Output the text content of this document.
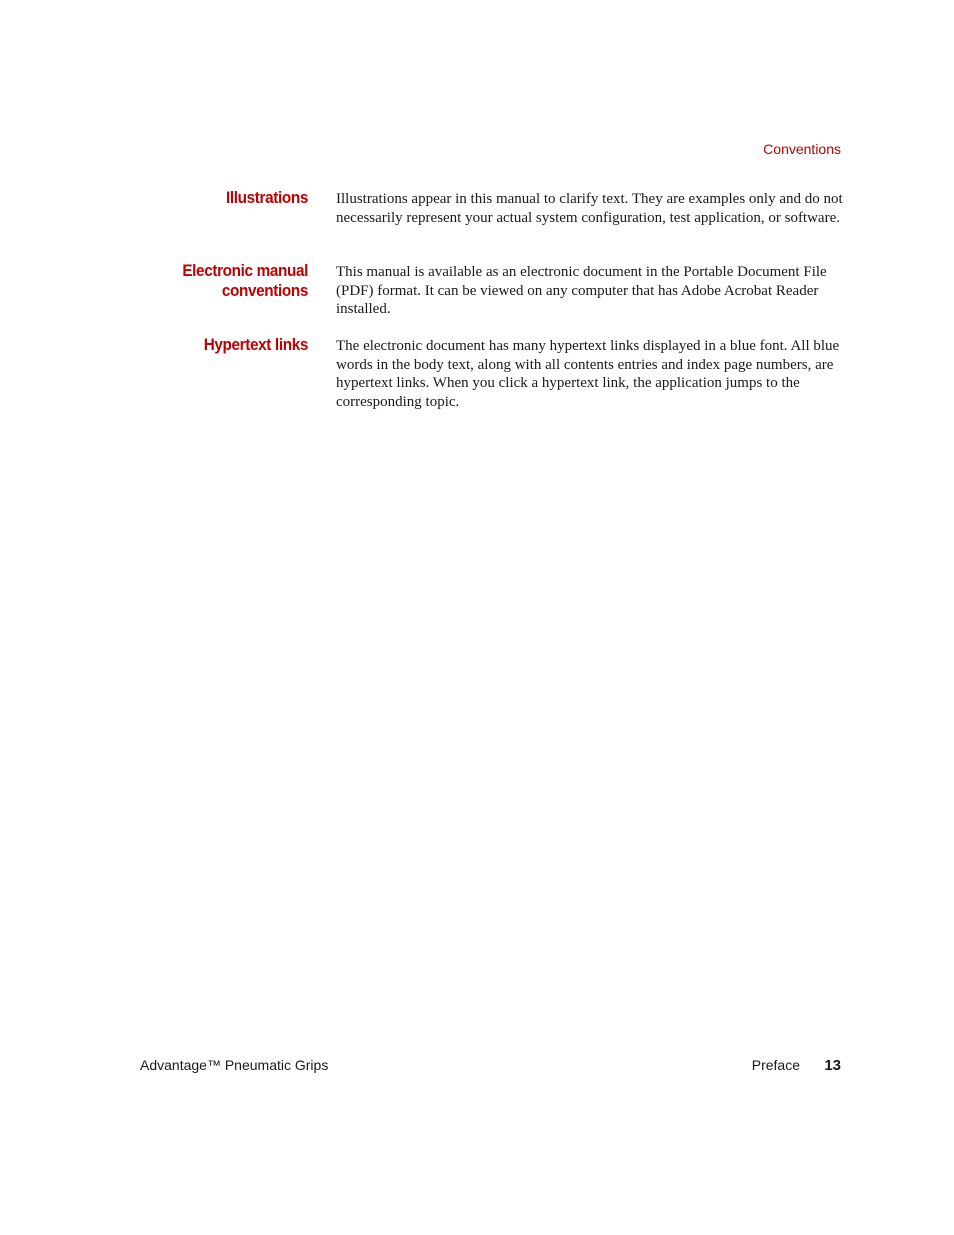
Conventions
Illustrations Illustrations appear in this manual to clarify text. They are examples only and do not necessarily represent your actual system configuration, test application, or software.
Electronic manual
conventions
This manual is available as an electronic document in the Portable Document File (PDF) format. It can be viewed on any computer that has Adobe Acrobat Reader installed.
Hypertext links The electronic document has many hypertext links displayed in a blue font. All blue words in the body text, along with all contents entries and index page numbers, are hypertext links. When you click a hypertext link, the application jumps to the corresponding topic.
Advantage™ Pneumatic Grips	Preface 13
